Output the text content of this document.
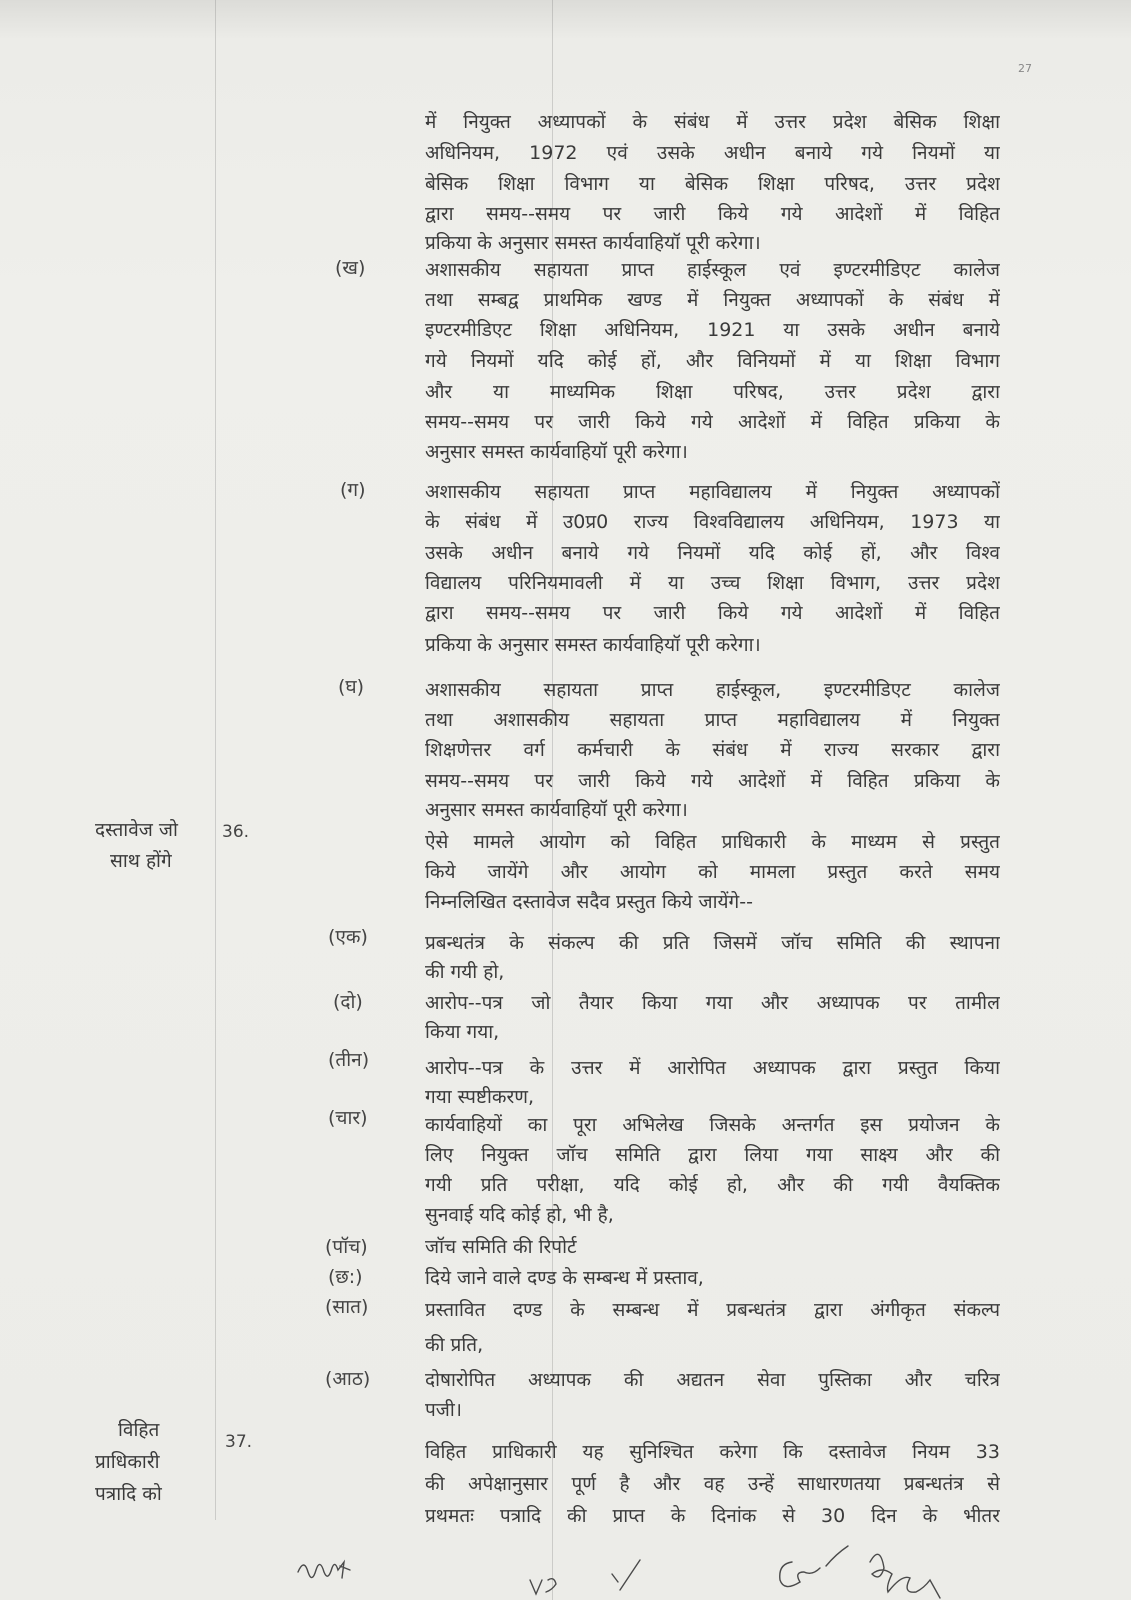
27
में नियुक्त अध्यापकों के संबंध में उत्तर प्रदेश बेसिक शिक्षा
अधिनियम, 1972 एवं उसके अधीन बनाये गये नियमों या
बेसिक शिक्षा विभाग या बेसिक शिक्षा परिषद, उत्तर प्रदेश
द्वारा समय--समय पर जारी किये गये आदेशों में विहित
प्रकिया के अनुसार समस्त कार्यवाहियॉ पूरी करेगा।
(ख)	अशासकीय सहायता प्राप्त हाईस्कूल एवं इण्टरमीडिएट कालेज
तथा सम्बद्व प्राथमिक खण्ड में नियुक्त अध्यापकों के संबंध में
इण्टरमीडिएट शिक्षा अधिनियम, 1921 या उसके अधीन बनाये
गये नियमों यदि कोई हों, और विनियमों में या शिक्षा विभाग
और या माध्यमिक शिक्षा परिषद, उत्तर प्रदेश द्वारा
समय--समय पर जारी किये गये आदेशों में विहित प्रकिया के
अनुसार समस्त कार्यवाहियॉ पूरी करेगा।
(ग)	अशासकीय सहायता प्राप्त महाविद्यालय में नियुक्त अध्यापकों
के संबंध में उ0प्र0 राज्य विश्वविद्यालय अधिनियम, 1973 या
उसके अधीन बनाये गये नियमों यदि कोई हों, और विश्व
विद्यालय परिनियमावली में या उच्च शिक्षा विभाग, उत्तर प्रदेश
द्वारा समय--समय पर जारी किये गये आदेशों में विहित
प्रकिया के अनुसार समस्त कार्यवाहियॉ पूरी करेगा।
(घ)	अशासकीय सहायता प्राप्त हाईस्कूल, इण्टरमीडिएट कालेज
तथा अशासकीय सहायता प्राप्त महाविद्यालय में नियुक्त
शिक्षणेत्तर वर्ग कर्मचारी के संबंध में राज्य सरकार द्वारा
समय--समय पर जारी किये गये आदेशों में विहित प्रकिया के
अनुसार समस्त कार्यवाहियॉ पूरी करेगा।
दस्तावेज जो
साथ होंगे
36.	ऐसे मामले आयोग को विहित प्राधिकारी के माध्यम से प्रस्तुत
किये जायेंगे और आयोग को मामला प्रस्तुत करते समय
निम्नलिखित दस्तावेज सदैव प्रस्तुत किये जायेंगे--
(एक)	प्रबन्धतंत्र के संकल्प की प्रति जिसमें जॉच समिति की स्थापना
की गयी हो,
(दो)	आरोप--पत्र जो तैयार किया गया और अध्यापक पर तामील
किया गया,
(तीन)	आरोप--पत्र के उत्तर में आरोपित अध्यापक द्वारा प्रस्तुत किया
गया स्पष्टीकरण,
(चार)	कार्यवाहियों का पूरा अभिलेख जिसके अन्तर्गत इस प्रयोजन के
लिए नियुक्त जॉच समिति द्वारा लिया गया साक्ष्य और की
गयी प्रति परीक्षा, यदि कोई हो, और की गयी वैयक्तिक
सुनवाई यदि कोई हो, भी है,
(पॉच)	जॉच समिति की रिपोर्ट
(छ:)	दिये जाने वाले दण्ड के सम्बन्ध में प्रस्ताव,
(सात)	प्रस्तावित दण्ड के सम्बन्ध में प्रबन्धतंत्र द्वारा अंगीकृत संकल्प
की प्रति,
(आठ)	दोषारोपित अध्यापक की अद्यतन सेवा पुस्तिका और चरित्र
पजी।
विहित
प्राधिकारी
पत्रादि को
37.	विहित प्राधिकारी यह सुनिश्चित करेगा कि दस्तावेज नियम 33
की अपेक्षानुसार पूर्ण है और वह उन्हें साधारणतया प्रबन्धतंत्र से
प्रथमतः पत्रादि की प्राप्त के दिनांक से 30 दिन के भीतर
